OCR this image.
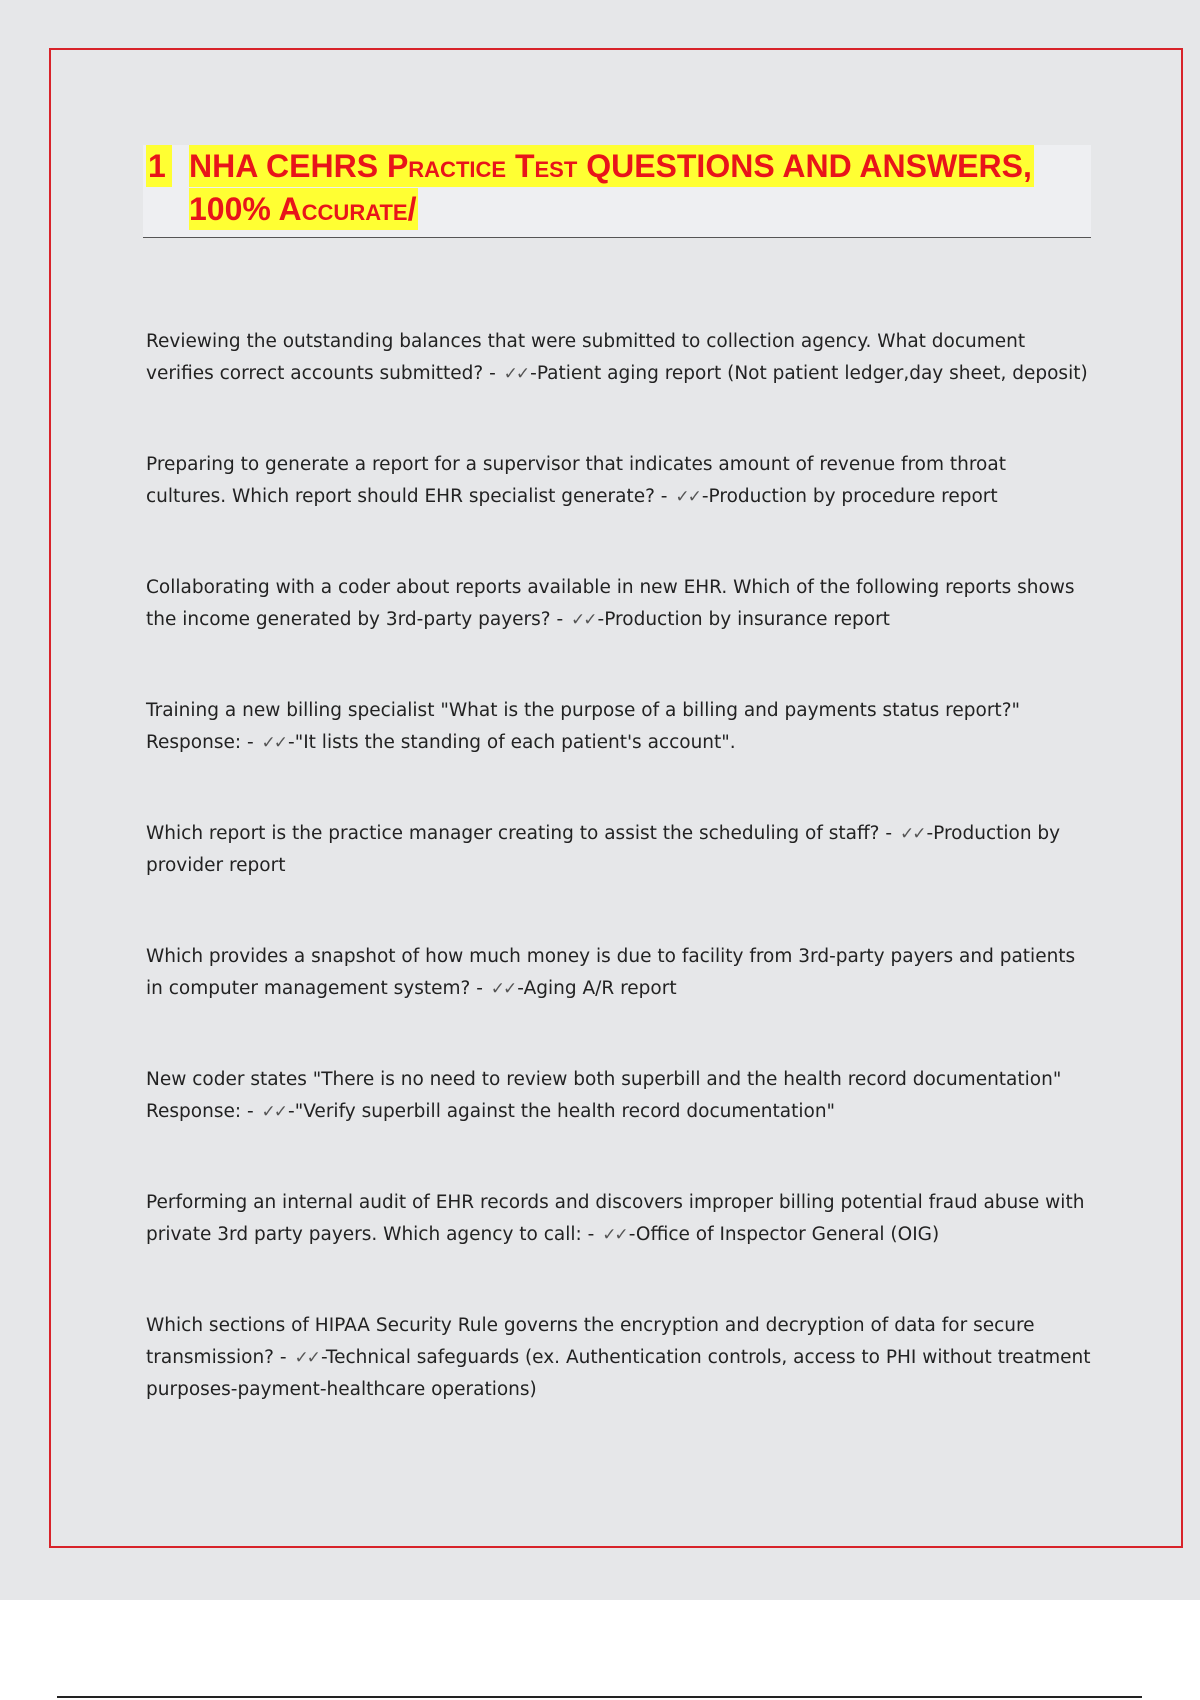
1 NHA CEHRS Practice Test QUESTIONS AND ANSWERS,
100% Accurate/
Reviewing the outstanding balances that were submitted to collection agency. What document verifies correct accounts submitted? - ✓✓ -Patient aging report (Not patient ledger,day sheet, deposit)
Preparing to generate a report for a supervisor that indicates amount of revenue from throat cultures. Which report should EHR specialist generate? - ✓✓ -Production by procedure report
Collaborating with a coder about reports available in new EHR. Which of the following reports shows the income generated by 3rd-party payers? - ✓✓ -Production by insurance report
Training a new billing specialist "What is the purpose of a billing and payments status report?" Response: - ✓✓ -"It lists the standing of each patient's account".
Which report is the practice manager creating to assist the scheduling of staff? - ✓✓ -Production by provider report
Which provides a snapshot of how much money is due to facility from 3rd-party payers and patients in computer management system? - ✓✓ -Aging A/R report
New coder states "There is no need to review both superbill and the health record documentation" Response: - ✓✓ -"Verify superbill against the health record documentation"
Performing an internal audit of EHR records and discovers improper billing potential fraud abuse with private 3rd party payers. Which agency to call: - ✓✓ -Office of Inspector General (OIG)
Which sections of HIPAA Security Rule governs the encryption and decryption of data for secure transmission? - ✓✓ -Technical safeguards (ex. Authentication controls, access to PHI without treatment purposes-payment-healthcare operations)
